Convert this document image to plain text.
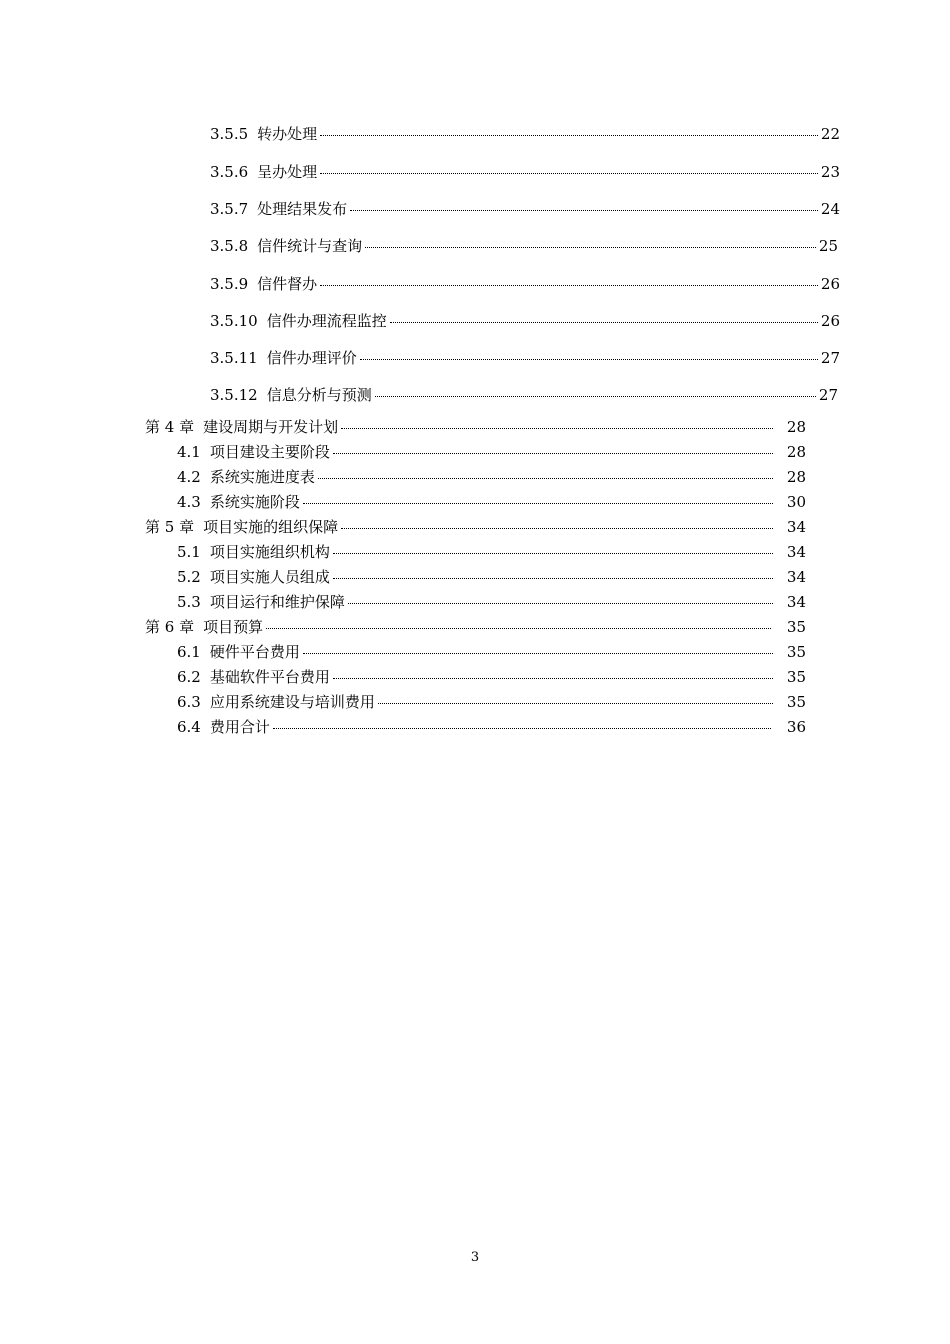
3.5.5 转办处理	22
3.5.6 呈办处理	23
3.5.7 处理结果发布	24
3.5.8 信件统计与查询	25
3.5.9 信件督办	26
3.5.10 信件办理流程监控	26
3.5.11 信件办理评价	27
3.5.12 信息分析与预测	27
第 4 章 建设周期与开发计划	28
4.1 项目建设主要阶段	28
4.2 系统实施进度表	28
4.3 系统实施阶段	30
第 5 章 项目实施的组织保障	34
5.1 项目实施组织机构	34
5.2 项目实施人员组成	34
5.3 项目运行和维护保障	34
第 6 章 项目预算	35
6.1 硬件平台费用	35
6.2 基础软件平台费用	35
6.3 应用系统建设与培训费用	35
6.4 费用合计	36
3
